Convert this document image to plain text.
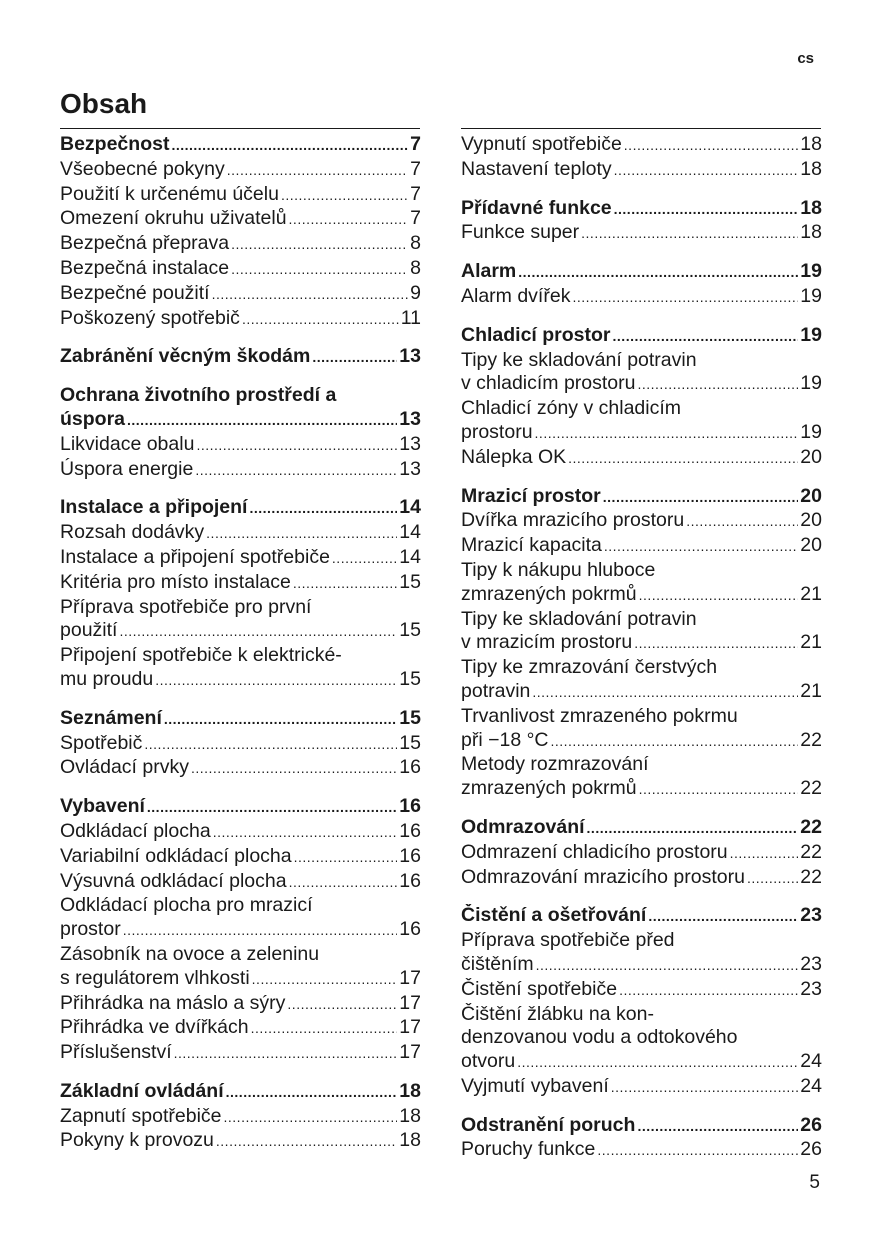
cs
Obsah
Bezpečnost .....	7
Všeobecné pokyny .....	7
Použití k určenému účelu .....	7
Omezení okruhu uživatelů .....	7
Bezpečná přeprava .....	8
Bezpečná instalace .....	8
Bezpečné použití .....	9
Poškozený spotřebič .....	11
Zabránění věcným škodám .....	13
Ochrana životního prostředí a
úspora .....	13
Likvidace obalu .....	13
Úspora energie .....	13
Instalace a připojení .....	14
Rozsah dodávky .....	14
Instalace a připojení spotřebiče .....	14
Kritéria pro místo instalace .....	15
Příprava spotřebiče pro první
použití .....	15
Připojení spotřebiče k elektrické-
mu proudu .....	15
Seznámení .....	15
Spotřebič .....	15
Ovládací prvky .....	16
Vybavení .....	16
Odkládací plocha .....	16
Variabilní odkládací plocha .....	16
Výsuvná odkládací plocha .....	16
Odkládací plocha pro mrazicí
prostor .....	16
Zásobník na ovoce a zeleninu
s regulátorem vlhkosti .....	17
Přihrádka na máslo a sýry .....	17
Přihrádka ve dvířkách .....	17
Příslušenství .....	17
Základní ovládání .....	18
Zapnutí spotřebiče .....	18
Pokyny k provozu .....	18
Vypnutí spotřebiče .....	18
Nastavení teploty .....	18
Přídavné funkce .....	18
Funkce super .....	18
Alarm .....	19
Alarm dvířek .....	19
Chladicí prostor .....	19
Tipy ke skladování potravin
v chladicím prostoru .....	19
Chladicí zóny v chladicím
prostoru .....	19
Nálepka OK .....	20
Mrazicí prostor .....	20
Dvířka mrazicího prostoru .....	20
Mrazicí kapacita .....	20
Tipy k nákupu hluboce
zmrazených pokrmů .....	21
Tipy ke skladování potravin
v mrazicím prostoru .....	21
Tipy ke zmrazování čerstvých
potravin .....	21
Trvanlivost zmrazeného pokrmu
při −18 °C .....	22
Metody rozmrazování
zmrazených pokrmů .....	22
Odmrazování .....	22
Odmrazení chladicího prostoru .....	22
Odmrazování mrazicího prostoru .....	22
Čistění a ošetřování .....	23
Příprava spotřebiče před
čištěním .....	23
Čistění spotřebiče .....	23
Čištění žlábku na kon-
denzovanou vodu a odtokového
otvoru .....	24
Vyjmutí vybavení .....	24
Odstranění poruch .....	26
Poruchy funkce .....	26
5
